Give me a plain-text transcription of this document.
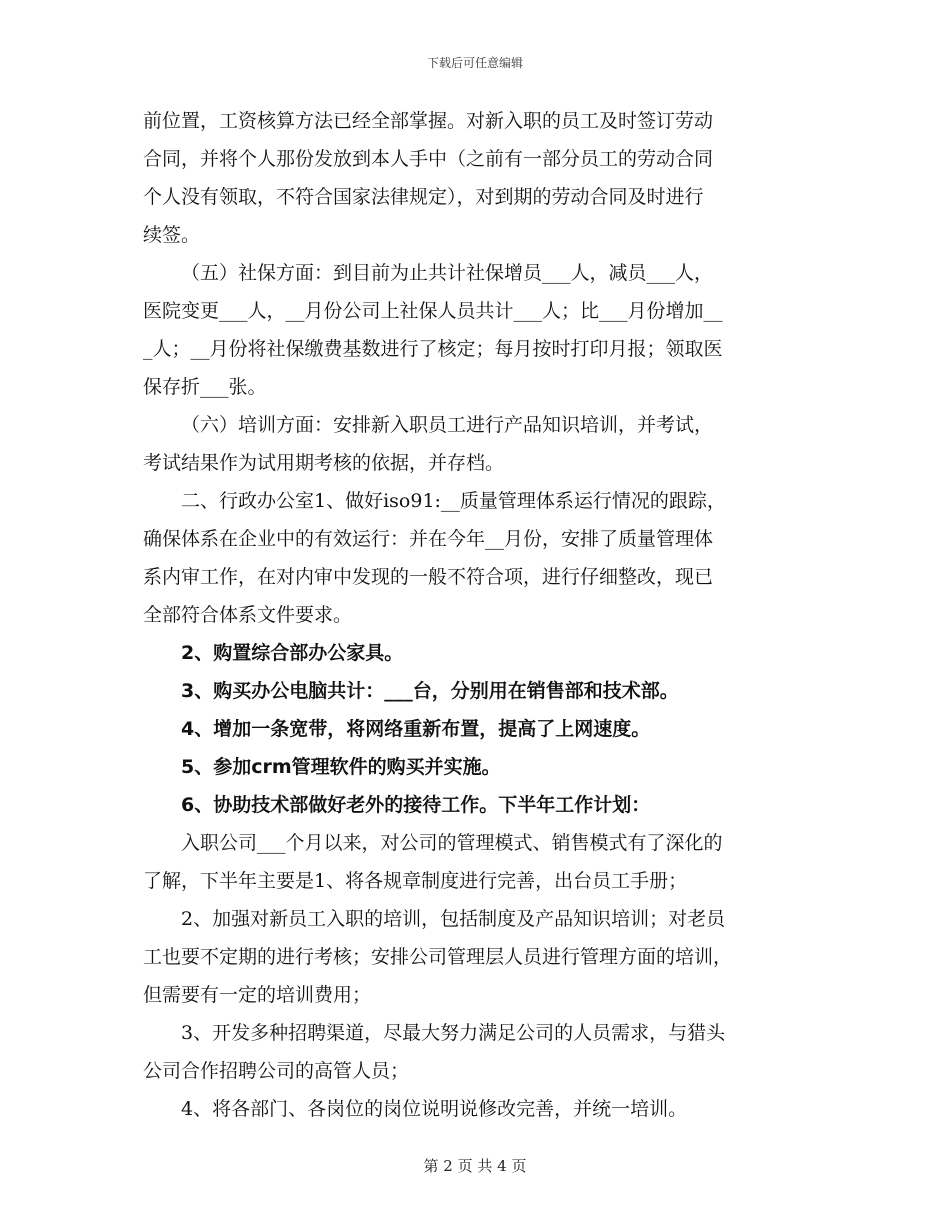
下载后可任意编辑
前位置，工资核算方法已经全部掌握。对新入职的员工及时签订劳动
合同，并将个人那份发放到本人手中（之前有一部分员工的劳动合同
个人没有领取，不符合国家法律规定），对到期的劳动合同及时进行
续签。
（五）社保方面：到目前为止共计社保增员___人，减员___人，
医院变更___人，__月份公司上社保人员共计___人；比___月份增加__
_人；__月份将社保缴费基数进行了核定；每月按时打印月报；领取医
保存折___张。
（六）培训方面：安排新入职员工进行产品知识培训，并考试，
考试结果作为试用期考核的依据，并存档。
二、行政办公室1、做好iso91:__质量管理体系运行情况的跟踪，
确保体系在企业中的有效运行：并在今年__月份，安排了质量管理体
系内审工作，在对内审中发现的一般不符合项，进行仔细整改，现已
全部符合体系文件要求。
2、购置综合部办公家具。
3、购买办公电脑共计：___台，分别用在销售部和技术部。
4、增加一条宽带，将网络重新布置，提高了上网速度。
5、参加crm管理软件的购买并实施。
6、协助技术部做好老外的接待工作。下半年工作计划：
入职公司___个月以来，对公司的管理模式、销售模式有了深化的
了解，下半年主要是1、将各规章制度进行完善，出台员工手册；
2、加强对新员工入职的培训，包括制度及产品知识培训；对老员
工也要不定期的进行考核；安排公司管理层人员进行管理方面的培训，
但需要有一定的培训费用；
3、开发多种招聘渠道，尽最大努力满足公司的人员需求，与猎头
公司合作招聘公司的高管人员；
4、将各部门、各岗位的岗位说明说修改完善，并统一培训。
第 2 页 共 4 页
